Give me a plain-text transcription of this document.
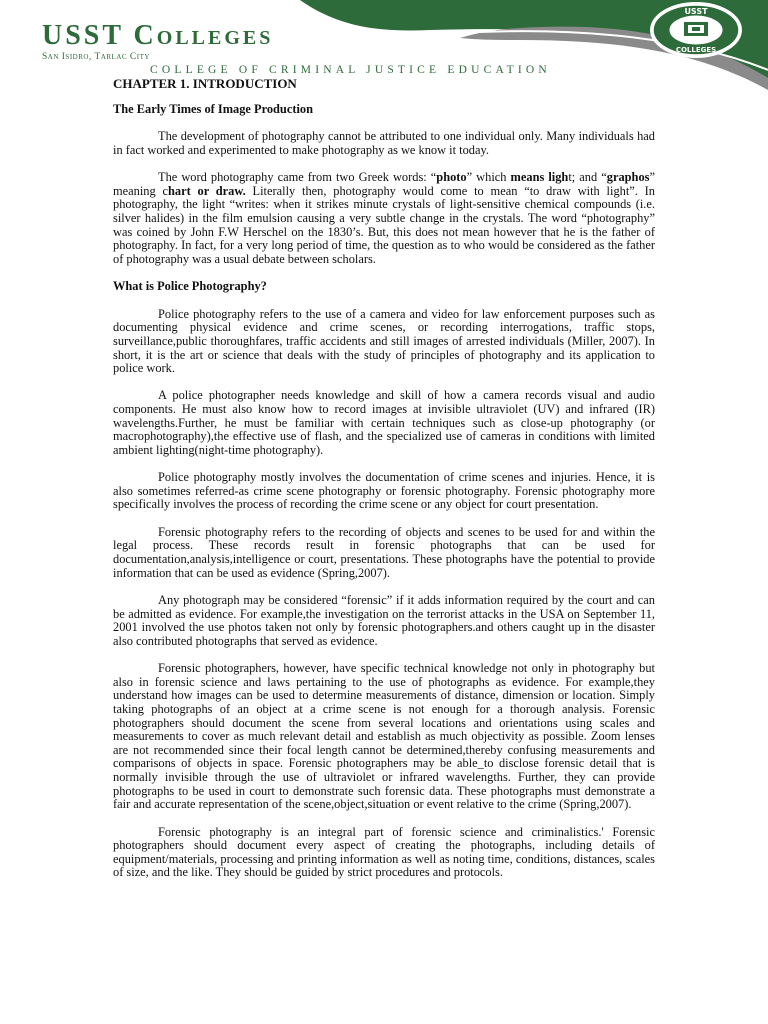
USST Colleges
San Isidro, Tarlac City
COLLEGE OF CRIMINAL JUSTICE EDUCATION
USST
COLLEGES
CHAPTER 1. INTRODUCTION
The Early Times of Image Production

The development of photography cannot be attributed to one individual only. Many individuals had in fact worked and experimented to make photography as we know it today.

The word photography came from two Greek words: “photo” which means light; and “graphos” meaning chart or draw. Literally then, photography would come to mean “to draw with light”. In photography, the light “writes: when it strikes minute crystals of light-sensitive chemical compounds (i.e. silver halides) in the film emulsion causing a very subtle change in the crystals. The word “photography” was coined by John F.W Herschel on the 1830’s. But, this does not mean however that he is the father of photography. In fact, for a very long period of time, the question as to who would be considered as the father of photography was a usual debate between scholars.

What is Police Photography?

Police photography refers to the use of a camera and video for law enforcement purposes such as documenting physical evidence and crime scenes, or recording interrogations, traffic stops, surveillance,public thoroughfares, traffic accidents and still images of arrested individuals (Miller, 2007). In short, it is the art or science that deals with the study of principles of photography and its application to police work.

A police photographer needs knowledge and skill of how a camera records visual and audio components. He must also know how to record images at invisible ultraviolet (UV) and infrared (IR) wavelengths.Further, he must be familiar with certain techniques such as close-up photography (or macrophotography),the effective use of flash, and the specialized use of cameras in conditions with limited ambient lighting(night-time photography).

Police photography mostly involves the documentation of crime scenes and injuries. Hence, it is also sometimes referred-as crime scene photography or forensic photography. Forensic photography more specifically involves the process of recording the crime scene or any object for court presentation.

Forensic photography refers to the recording of objects and scenes to be used for and within the legal process. These records result in forensic photographs that can be used for documentation,analysis,intelligence or court, presentations. These photographs have the potential to provide information that can be used as evidence (Spring,2007).

Any photograph may be considered “forensic” if it adds information required by the court and can be admitted as evidence. For example,the investigation on the terrorist attacks in the USA on September 11, 2001 involved the use photos taken not only by forensic photographers.and others caught up in the disaster also contributed photographs that served as evidence.

Forensic photographers, however, have specific technical knowledge not only in photography but also in forensic science and laws pertaining to the use of photographs as evidence. For example,they understand how images can be used to determine measurements of distance, dimension or location. Simply taking photographs of an object at a crime scene is not enough for a thorough analysis. Forensic photographers should document the scene from several locations and orientations using scales and measurements to cover as much relevant detail and establish as much objectivity as possible. Zoom lenses are not recommended since their focal length cannot be determined,thereby confusing measurements and comparisons of objects in space. Forensic photographers may be able_to disclose forensic detail that is normally invisible through the use of ultraviolet or infrared wavelengths. Further, they can provide photographs to be used in court to demonstrate such forensic data. These photographs must demonstrate a fair and accurate representation of the scene,object,situation or event relative to the crime (Spring,2007).

Forensic photography is an integral part of forensic science and criminalistics.' Forensic photographers should document every aspect of creating the photographs, including details of equipment/materials, processing and printing information as well as noting time, conditions, distances, scales of size, and the like. They should be guided by strict procedures and protocols.
